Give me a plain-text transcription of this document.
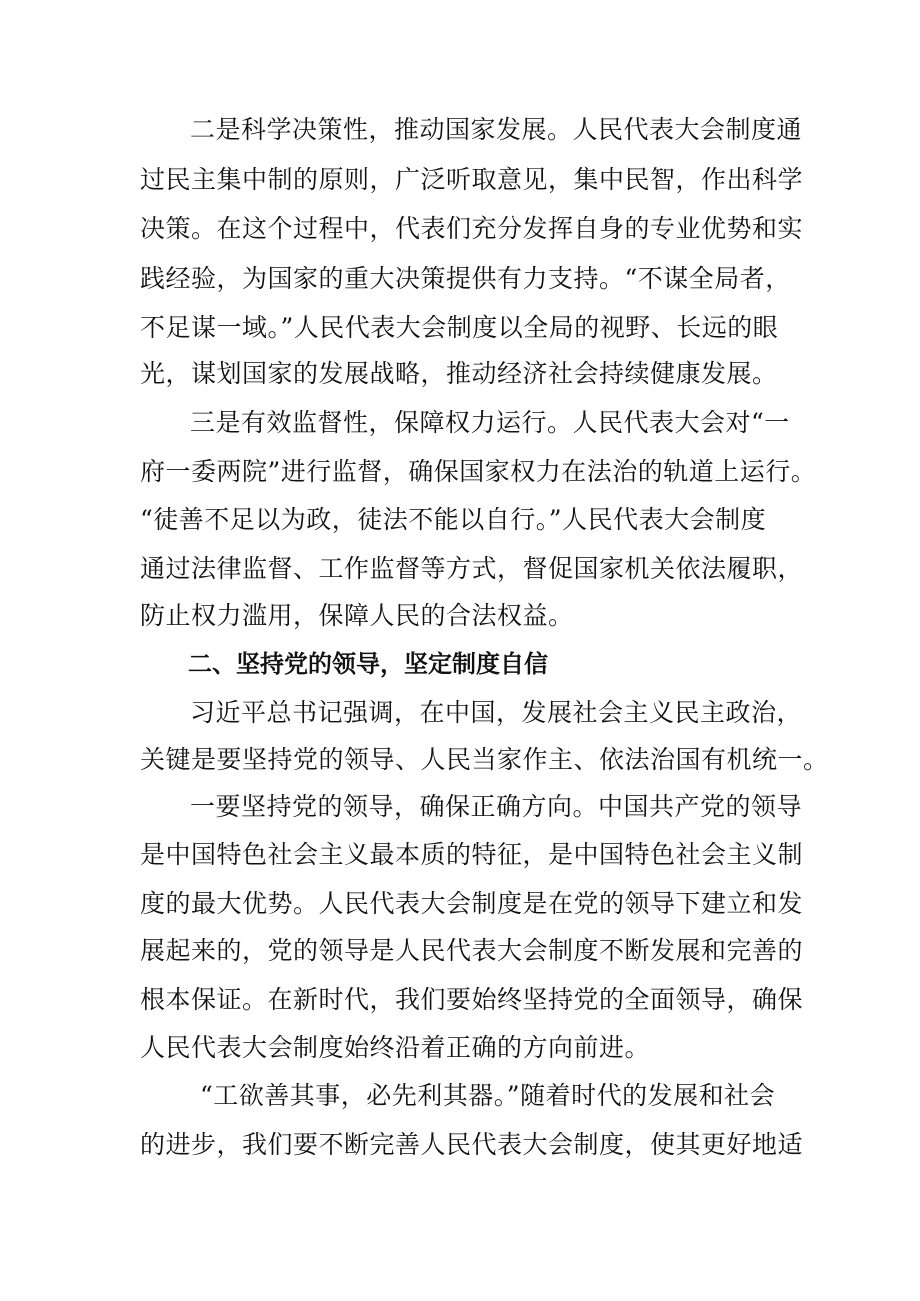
二是科学决策性，推动国家发展。人民代表大会制度通
过民主集中制的原则，广泛听取意见，集中民智，作出科学
决策。在这个过程中，代表们充分发挥自身的专业优势和实
践经验，为国家的重大决策提供有力支持。“不谋全局者，
不足谋一域。”人民代表大会制度以全局的视野、长远的眼
光，谋划国家的发展战略，推动经济社会持续健康发展。
三是有效监督性，保障权力运行。人民代表大会对“一
府一委两院”进行监督，确保国家权力在法治的轨道上运行。
“徒善不足以为政，徒法不能以自行。”人民代表大会制度
通过法律监督、工作监督等方式，督促国家机关依法履职，
防止权力滥用，保障人民的合法权益。
二、坚持党的领导，坚定制度自信
习近平总书记强调，在中国，发展社会主义民主政治，
关键是要坚持党的领导、人民当家作主、依法治国有机统一。
一要坚持党的领导，确保正确方向。中国共产党的领导
是中国特色社会主义最本质的特征，是中国特色社会主义制
度的最大优势。人民代表大会制度是在党的领导下建立和发
展起来的，党的领导是人民代表大会制度不断发展和完善的
根本保证。在新时代，我们要始终坚持党的全面领导，确保
人民代表大会制度始终沿着正确的方向前进。
“工欲善其事，必先利其器。”随着时代的发展和社会
的进步，我们要不断完善人民代表大会制度，使其更好地适
